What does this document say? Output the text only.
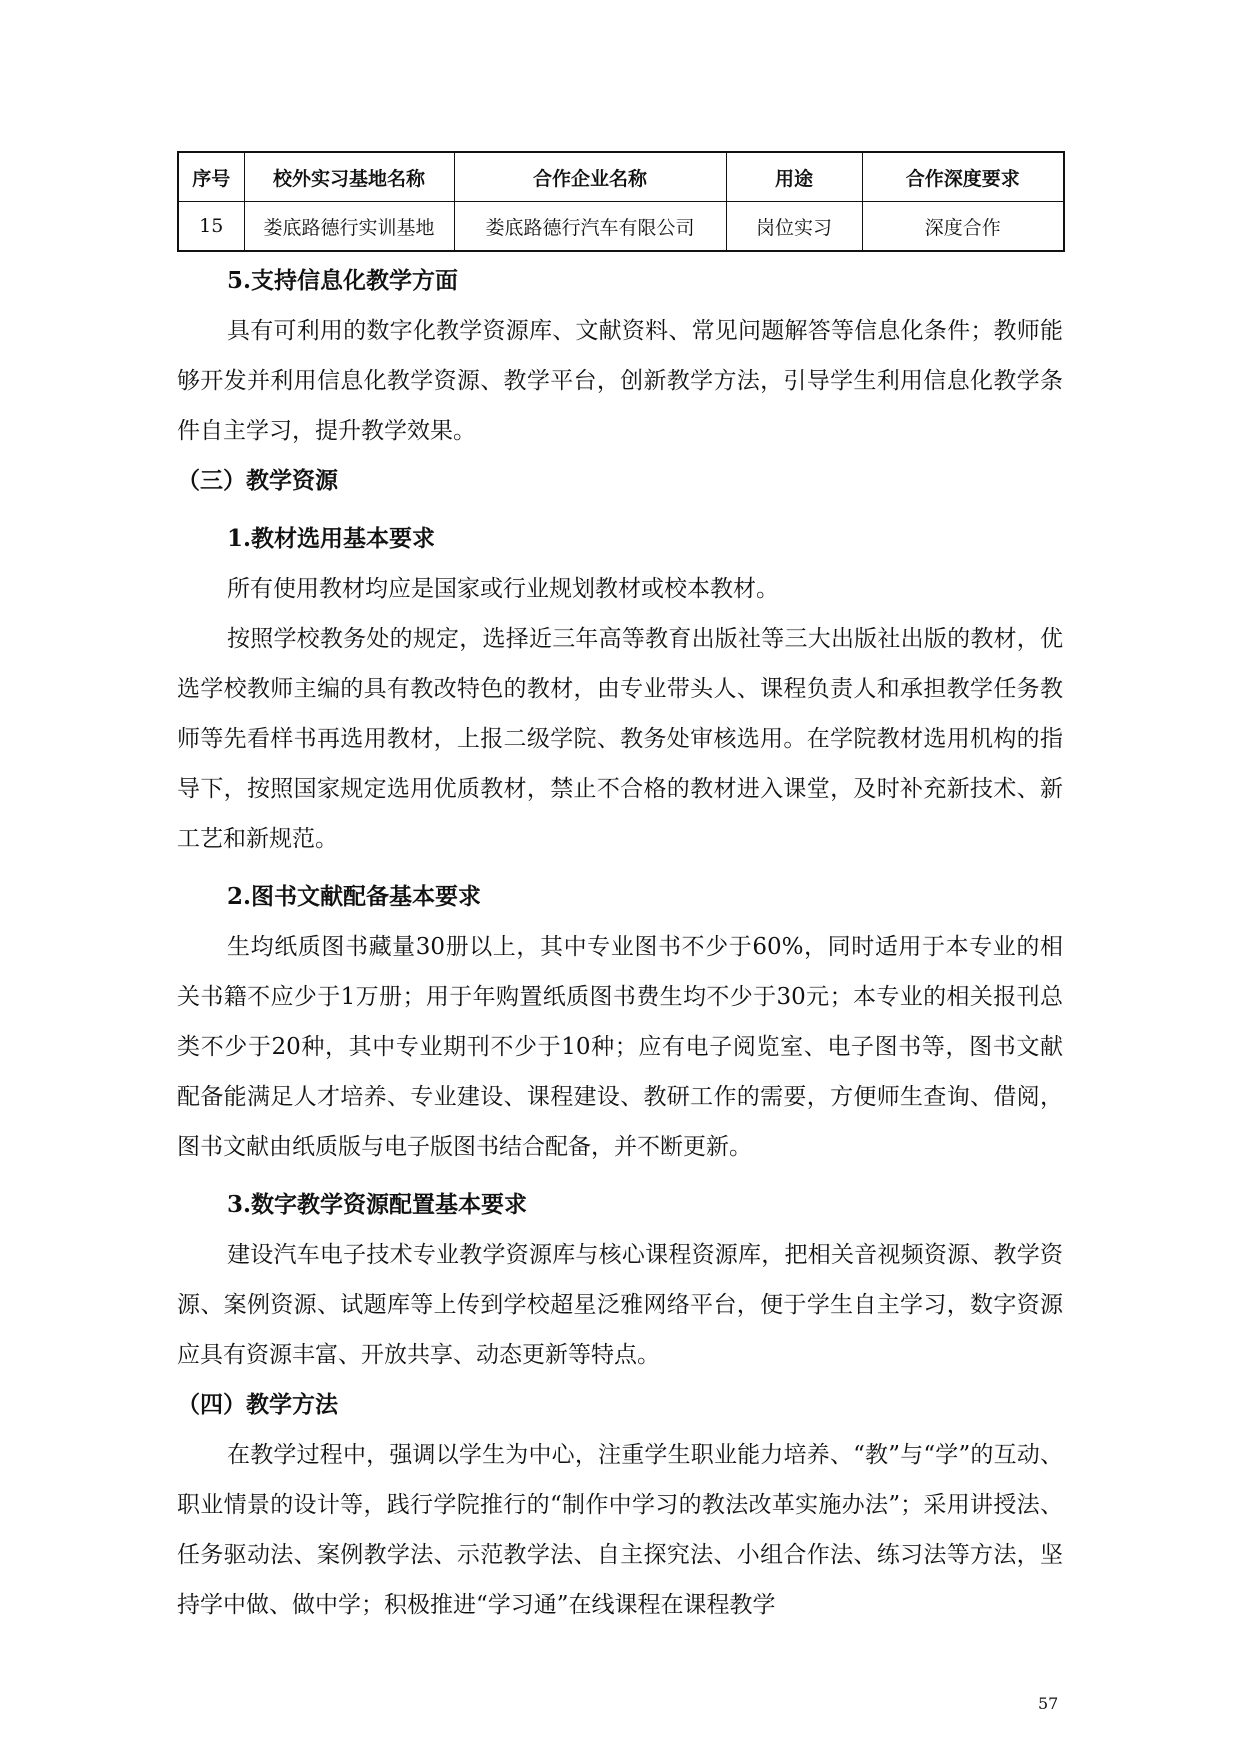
序号	校外实习基地名称	合作企业名称	用途	合作深度要求
15	娄底路德行实训基地	娄底路德行汽车有限公司	岗位实习	深度合作
5.支持信息化教学方面

具有可利用的数字化教学资源库、文献资料、常见问题解答等信息化条件；教师能够开发并利用信息化教学资源、教学平台，创新教学方法，引导学生利用信息化教学条件自主学习，提升教学效果。

（三）教学资源
1.教材选用基本要求

所有使用教材均应是国家或行业规划教材或校本教材。

按照学校教务处的规定，选择近三年高等教育出版社等三大出版社出版的教材，优选学校教师主编的具有教改特色的教材，由专业带头人、课程负责人和承担教学任务教师等先看样书再选用教材，上报二级学院、教务处审核选用。在学院教材选用机构的指导下，按照国家规定选用优质教材，禁止不合格的教材进入课堂，及时补充新技术、新工艺和新规范。

2.图书文献配备基本要求

生均纸质图书藏量30册以上，其中专业图书不少于60%，同时适用于本专业的相关书籍不应少于1万册；用于年购置纸质图书费生均不少于30元；本专业的相关报刊总类不少于20种，其中专业期刊不少于10种；应有电子阅览室、电子图书等，图书文献配备能满足人才培养、专业建设、课程建设、教研工作的需要，方便师生查询、借阅，图书文献由纸质版与电子版图书结合配备，并不断更新。

3.数字教学资源配置基本要求

建设汽车电子技术专业教学资源库与核心课程资源库，把相关音视频资源、教学资源、案例资源、试题库等上传到学校超星泛雅网络平台，便于学生自主学习，数字资源应具有资源丰富、开放共享、动态更新等特点。

（四）教学方法

在教学过程中，强调以学生为中心，注重学生职业能力培养、“教”与“学”的互动、职业情景的设计等，践行学院推行的“制作中学习的教法改革实施办法”；采用讲授法、任务驱动法、案例教学法、示范教学法、自主探究法、小组合作法、练习法等方法，坚持学中做、做中学；积极推进“学习通”在线课程在课程教学

57
